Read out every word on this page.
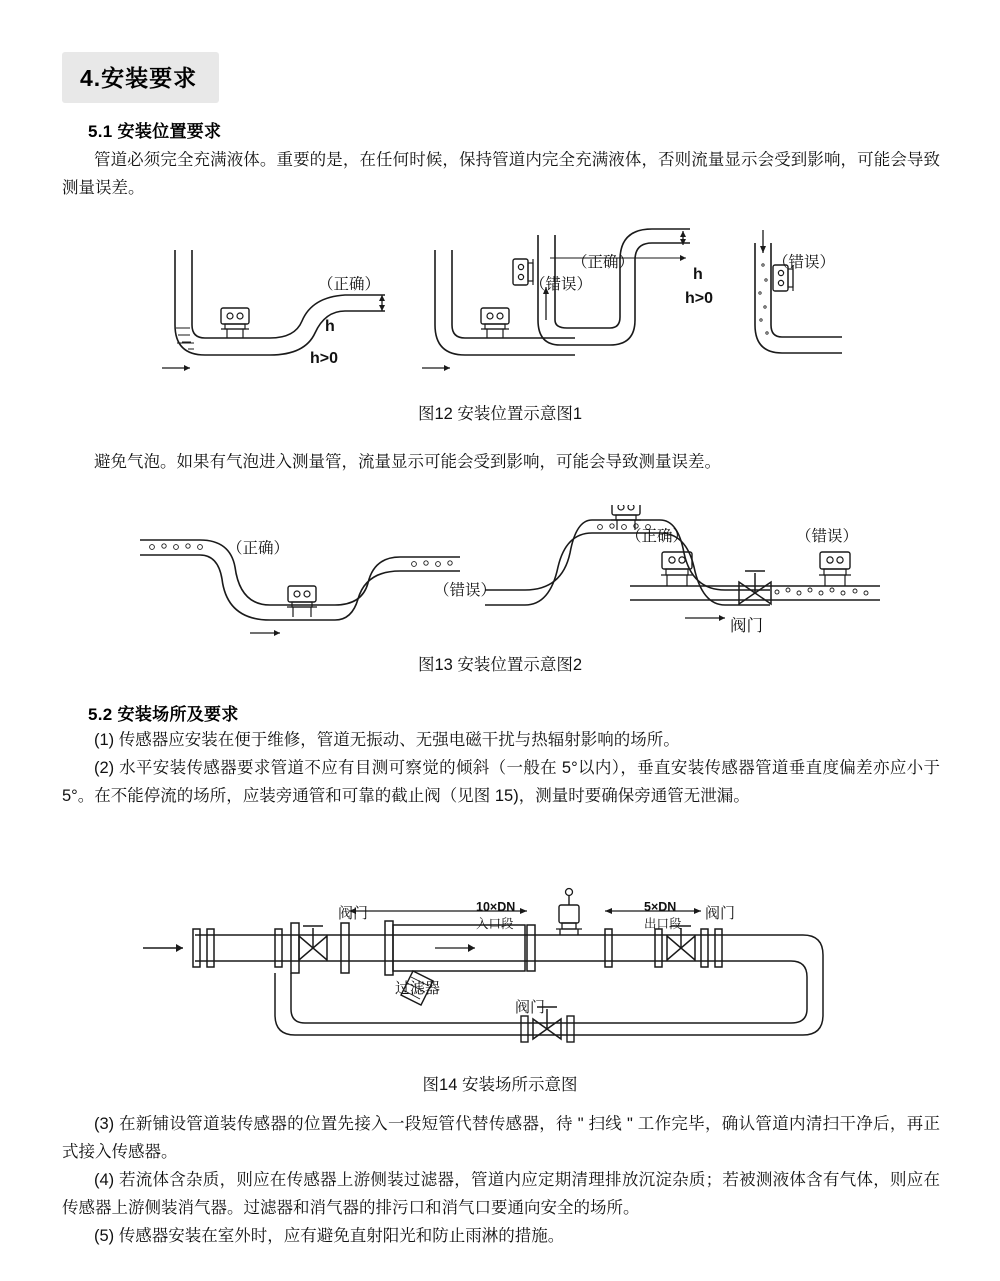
4.安装要求
5.1 安装位置要求
管道必须完全充满液体。重要的是，在任何时候，保持管道内完全充满液体，否则流量显示会受到影响，可能会导致测量误差。
（正确）	（错误）
（正确）	（错误）
h
h>0
h
h>0
图12 安装位置示意图1
避免气泡。如果有气泡进入测量管，流量显示可能会受到影响，可能会导致测量误差。
（正确）
（错误）
（正确）	（错误）
阀门
图13 安装位置示意图2
5.2 安装场所及要求
(1) 传感器应安装在便于维修，管道无振动、无强电磁干扰与热辐射影响的场所。
(2) 水平安装传感器要求管道不应有目测可察觉的倾斜（一般在 5°以内），垂直安装传感器管道垂直度偏差亦应小于 5°。在不能停流的场所，应装旁通管和可靠的截止阀（见图 15)，测量时要确保旁通管无泄漏。
阀门	阀门
阀门
过滤器
10×DN
入口段
5×DN
出口段
图14 安装场所示意图
(3) 在新铺设管道装传感器的位置先接入一段短管代替传感器，待 " 扫线 " 工作完毕，确认管道内清扫干净后，再正式接入传感器。
(4) 若流体含杂质，则应在传感器上游侧装过滤器，管道内应定期清理排放沉淀杂质；若被测液体含有气体，则应在传感器上游侧装消气器。过滤器和消气器的排污口和消气口要通向安全的场所。
(5) 传感器安装在室外时，应有避免直射阳光和防止雨淋的措施。
